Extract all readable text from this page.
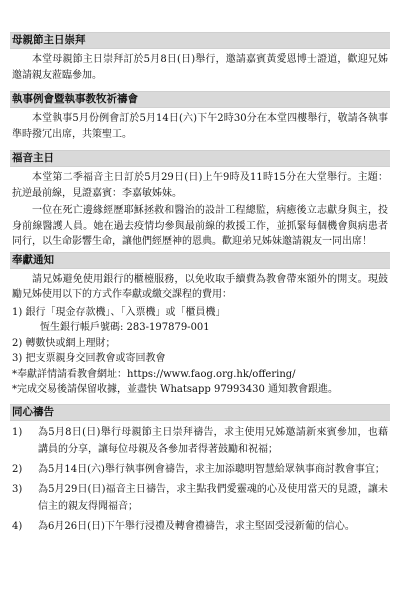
母親節主日崇拜

本堂母親節主日崇拜訂於5月8日(日)舉行，邀請嘉賓黃愛恩博士證道，歡迎兄姊邀請親友蒞臨參加。

執事例會暨執事教牧祈禱會

本堂執事5月份例會訂於5月14日(六)下午2時30分在本堂四樓舉行，敬請各執事準時撥冗出席，共策聖工。

福音主日

本堂第二季福音主日訂於5月29日(日)上午9時及11時15分在大堂舉行。主題：抗逆最前線，見證嘉賓：李嘉敏姊妹。

一位在死亡邊緣經歷耶穌拯救和醫治的設計工程總監，病癒後立志獻身與主，投身前線醫護人員。她在過去疫情均參與最前線的救援工作，並抓緊每個機會與病患者同行，以生命影響生命，讓他們經歷神的恩典。歡迎弟兄姊妹邀請親友一同出席！

奉獻通知

請兄姊避免使用銀行的櫃檯服務，以免收取手續費為教會帶來額外的開支。現鼓勵兄姊使用以下的方式作奉獻或繳交課程的費用：

1) 銀行「現金存款機」、「入票機」或「櫃員機」
恆生銀行帳戶號碼: 283-197879-001
2) 轉數快或網上理財；
3) 把支票親身交回教會或寄回教會
*奉獻詳情請看教會網址：https://www.faog.org.hk/offering/
*完成交易後請保留收據，並盡快 Whatsapp 97993430 通知教會跟進。
同心禱告
1)	為5月8日(日)舉行母親節主日崇拜禱告，求主使用兄姊邀請新來賓參加，也藉講員的分享，讓每位母親及各參加者得著鼓勵和祝福；
2)	為5月14日(六)舉行執事例會禱告，求主加添聰明智慧給眾執事商討教會事宜；
3)	為5月29日(日)福音主日禱告，求主點我們愛靈魂的心及使用當天的見證，讓未信主的親友得聞福音；
4)	為6月26日(日)下午舉行浸禮及轉會禮禱告，求主堅固受浸新葡的信心。
